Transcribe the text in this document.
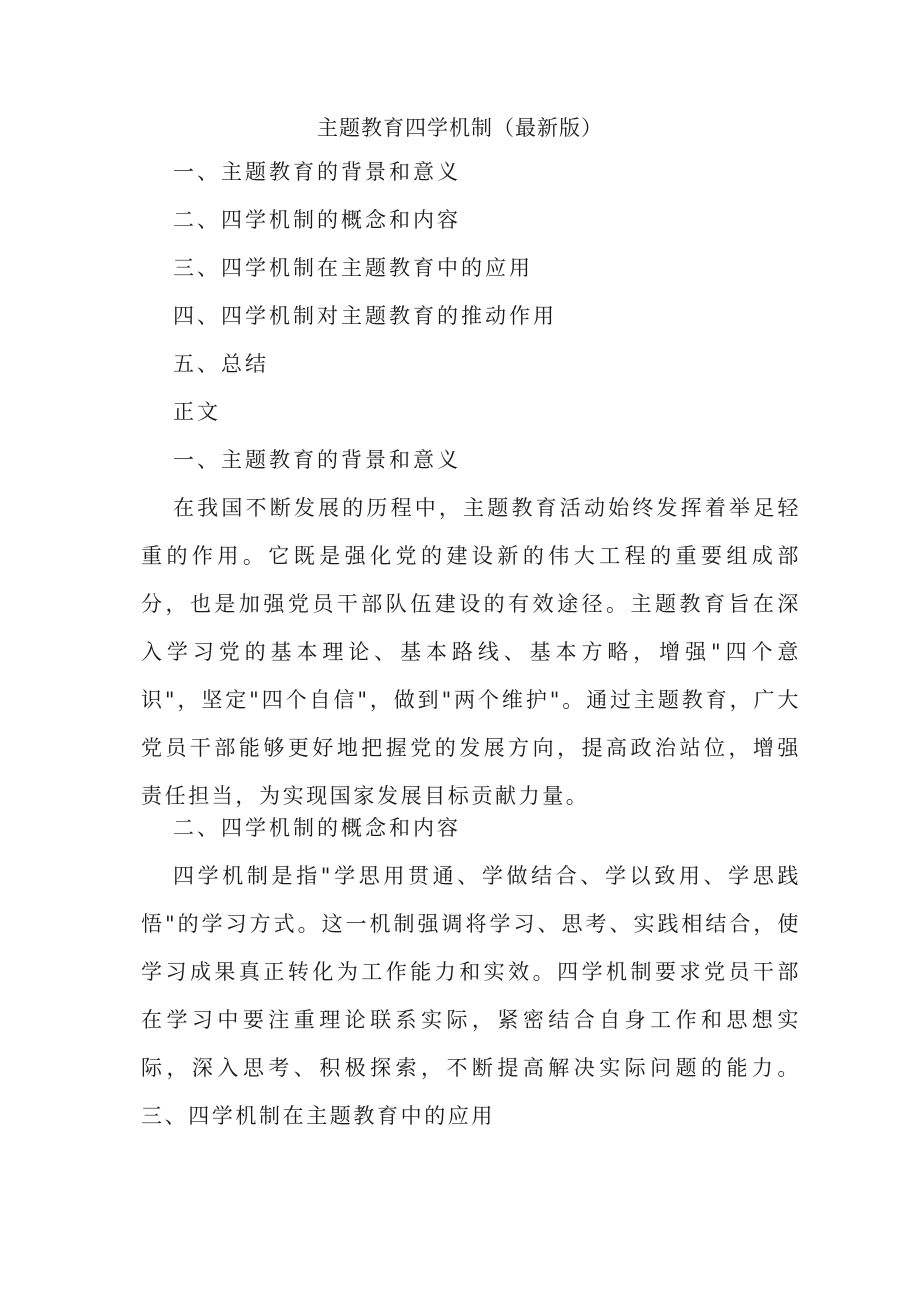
主题教育四学机制（最新版）
一、主题教育的背景和意义
二、四学机制的概念和内容
三、四学机制在主题教育中的应用
四、四学机制对主题教育的推动作用
五、总结
正文
一、主题教育的背景和意义

在我国不断发展的历程中，主题教育活动始终发挥着举足轻重的作用。它既是强化党的建设新的伟大工程的重要组成部分，也是加强党员干部队伍建设的有效途径。主题教育旨在深入学习党的基本理论、基本路线、基本方略，增强"四个意识"，坚定"四个自信"，做到"两个维护"。通过主题教育，广大党员干部能够更好地把握党的发展方向，提高政治站位，增强责任担当，为实现国家发展目标贡献力量。

二、四学机制的概念和内容

四学机制是指"学思用贯通、学做结合、学以致用、学思践悟"的学习方式。这一机制强调将学习、思考、实践相结合，使学习成果真正转化为工作能力和实效。四学机制要求党员干部在学习中要注重理论联系实际，紧密结合自身工作和思想实际，深入思考、积极探索，不断提高解决实际问题的能力。三、四学机制在主题教育中的应用
